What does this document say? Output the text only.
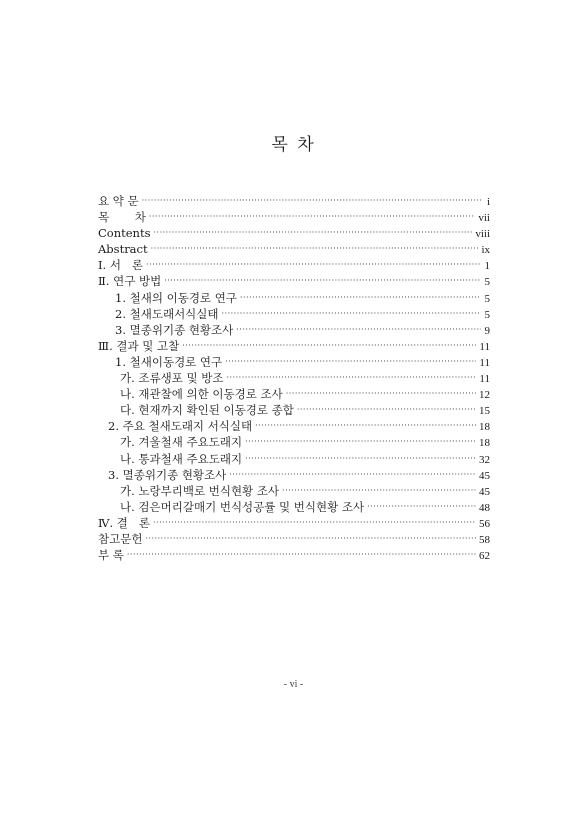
목 차
요 약 문 ·····	i
목       차 ·····	vii
Contents ·····	viii
Abstract ·····	ix
Ⅰ. 서   론 ·····	1
Ⅱ. 연구 방법 ·····	5
1. 철새의 이동경로 연구 ·····	5
2. 철새도래서식실태 ·····	5
3. 멸종위기종 현황조사 ·····	9
Ⅲ. 결과 및 고찰 ·····	11
1. 철새이동경로 연구 ·····	11
가. 조류생포 및 방조 ·····	11
나. 재관찰에 의한 이동경로 조사 ·····	12
다. 현재까지 확인된 이동경로 종합 ·····	15
2. 주요 철새도래지 서식실태 ·····	18
가. 겨울철새 주요도래지 ·····	18
나. 통과철새 주요도래지 ·····	32
3. 멸종위기종 현황조사 ·····	45
가. 노랑부리백로 번식현황 조사 ·····	45
나. 검은머리갈매기 번식성공률 및 번식현황 조사 ·····	48
Ⅳ. 결   론 ·····	56
참고문헌 ·····	58
부 록 ·····	62
- vi -
